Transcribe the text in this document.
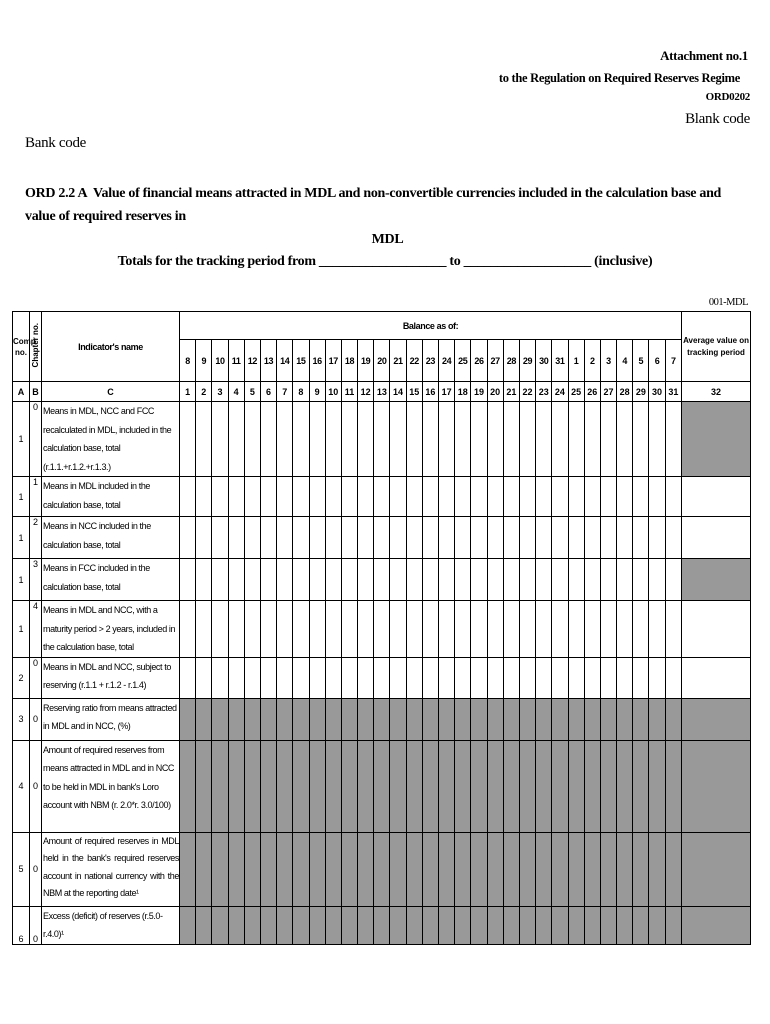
Attachment no.1
to the Regulation on Required Reserves Regime
ORD0202
Blank code
Bank code
ORD 2.2 A Value of financial means attracted in MDL and non-convertible currencies included in the calculation base and value of required reserves in
MDL
Totals for the tracking period from ___________________ to ___________________ (inclusive)
001-MDL
Comp no.	Chapter no.	Indicator's name	Balance as of:																															Average value on tracking period
			8	9	10	11	12	13	14	15	16	17	18	19	20	21	22	23	24	25	26	27	28	29	30	31	1	2	3	4	5	6	7	
A	B	C	1	2	3	4	5	6	7	8	9	10	11	12	13	14	15	16	17	18	19	20	21	22	23	24	25	26	27	28	29	30	31	32
1	0	Means in MDL, NCC and FCC recalculated in MDL, included in the calculation base, total (r.1.1.+r.1.2.+r.1.3.)																																
1	1	Means in MDL included in the calculation base, total																																
1	2	Means in NCC included in the calculation base, total																																
1	3	Means in FCC included in the calculation base, total																																
1	4	Means in MDL and NCC, with a maturity period > 2 years, included in the calculation base, total																																
2	0	Means in MDL and NCC, subject to reserving (r.1.1 + r.1.2 - r.1.4)																																
3	0	Reserving ratio from means attracted in MDL and in NCC, (%)																																
4	0	Amount of required reserves from means attracted in MDL and in NCC to be held in MDL in bank's Loro account with NBM (r. 2.0*r. 3.0/100)																																
5	0	Amount of required reserves in MDL held in the bank's required reserves account in national currency with the NBM at the reporting date¹																																
6	0	Excess (deficit) of reserves (r.5.0-r.4.0)¹																																
